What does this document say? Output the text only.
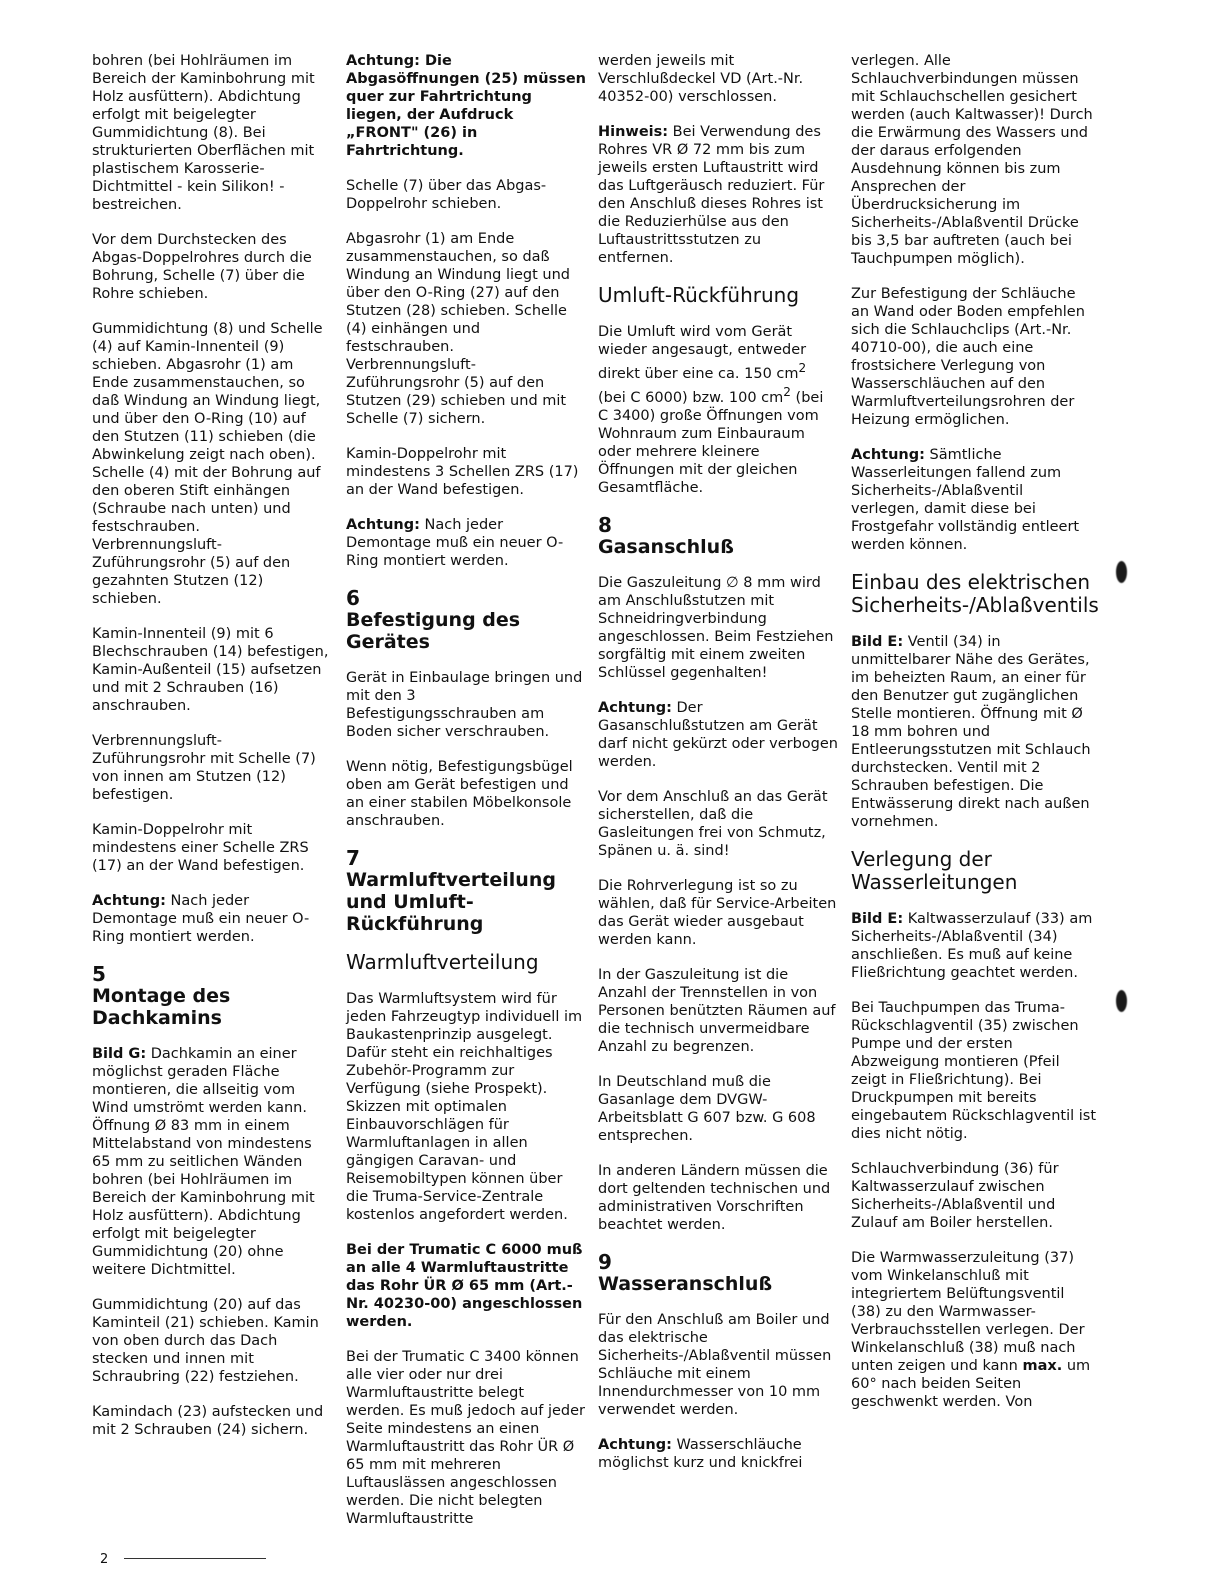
bohren (bei Hohlräumen im Bereich der Kaminbohrung mit Holz ausfüttern). Abdichtung erfolgt mit beigelegter Gummidichtung (8). Bei strukturierten Oberflächen mit plastischem Karosserie-Dichtmittel - kein Silikon! - bestreichen.

Vor dem Durchstecken des Abgas-Doppelrohres durch die Bohrung, Schelle (7) über die Rohre schieben.

Gummidichtung (8) und Schelle (4) auf Kamin-Innenteil (9) schieben. Abgasrohr (1) am Ende zusammenstauchen, so daß Windung an Windung liegt, und über den O-Ring (10) auf den Stutzen (11) schieben (die Abwinkelung zeigt nach oben). Schelle (4) mit der Bohrung auf den oberen Stift einhängen (Schraube nach unten) und festschrauben. Verbrennungsluft-Zuführungsrohr (5) auf den gezahnten Stutzen (12) schieben.

Kamin-Innenteil (9) mit 6 Blechschrauben (14) befestigen, Kamin-Außenteil (15) aufsetzen und mit 2 Schrauben (16) anschrauben.

Verbrennungsluft-Zuführungsrohr mit Schelle (7) von innen am Stutzen (12) befestigen.

Kamin-Doppelrohr mit mindestens einer Schelle ZRS (17) an der Wand befestigen.

Achtung: Nach jeder Demontage muß ein neuer O-Ring montiert werden.

5
Montage des Dachkamins

Bild G: Dachkamin an einer möglichst geraden Fläche montieren, die allseitig vom Wind umströmt werden kann. Öffnung Ø 83 mm in einem Mittelabstand von mindestens 65 mm zu seitlichen Wänden bohren (bei Hohlräumen im Bereich der Kaminbohrung mit Holz ausfüttern). Abdichtung erfolgt mit beigelegter Gummidichtung (20) ohne weitere Dichtmittel.

Gummidichtung (20) auf das Kaminteil (21) schieben. Kamin von oben durch das Dach stecken und innen mit Schraubring (22) festziehen.

Kamindach (23) aufstecken und mit 2 Schrauben (24) sichern.

Achtung: Die Abgasöffnungen (25) müssen quer zur Fahrtrichtung liegen, der Aufdruck „FRONT" (26) in Fahrtrichtung.

Schelle (7) über das Abgas-Doppelrohr schieben.

Abgasrohr (1) am Ende zusammenstauchen, so daß Windung an Windung liegt und über den O-Ring (27) auf den Stutzen (28) schieben. Schelle (4) einhängen und festschrauben. Verbrennungsluft-Zuführungsrohr (5) auf den Stutzen (29) schieben und mit Schelle (7) sichern.

Kamin-Doppelrohr mit mindestens 3 Schellen ZRS (17) an der Wand befestigen.

Achtung: Nach jeder Demontage muß ein neuer O-Ring montiert werden.

6
Befestigung des Gerätes

Gerät in Einbaulage bringen und mit den 3 Befestigungsschrauben am Boden sicher verschrauben.

Wenn nötig, Befestigungsbügel oben am Gerät befestigen und an einer stabilen Möbelkonsole anschrauben.

7
Warmluftverteilung und Umluft-Rückführung
Warmluftverteilung

Das Warmluftsystem wird für jeden Fahrzeugtyp individuell im Baukastenprinzip ausgelegt. Dafür steht ein reichhaltiges Zubehör-Programm zur Verfügung (siehe Prospekt). Skizzen mit optimalen Einbauvorschlägen für Warmluftanlagen in allen gängigen Caravan- und Reisemobiltypen können über die Truma-Service-Zentrale kostenlos angefordert werden.

Bei der Trumatic C 6000 muß an alle 4 Warmluftaustritte das Rohr ÜR Ø 65 mm (Art.-Nr. 40230-00) angeschlossen werden.

Bei der Trumatic C 3400 können alle vier oder nur drei Warmluftaustritte belegt werden. Es muß jedoch auf jeder Seite mindestens an einen Warmluftaustritt das Rohr ÜR Ø 65 mm mit mehreren Luftauslässen angeschlossen werden. Die nicht belegten Warmluftaustritte

werden jeweils mit Verschlußdeckel VD (Art.-Nr. 40352-00) verschlossen.

Hinweis: Bei Verwendung des Rohres VR Ø 72 mm bis zum jeweils ersten Luftaustritt wird das Luftgeräusch reduziert. Für den Anschluß dieses Rohres ist die Reduzierhülse aus den Luftaustrittsstutzen zu entfernen.

Umluft-Rückführung

Die Umluft wird vom Gerät wieder angesaugt, entweder direkt über eine ca. 150 $cm^2$ (bei C 6000) bzw. 100 $cm^2$ (bei C 3400) große Öffnungen vom Wohnraum zum Einbauraum oder mehrere kleinere Öffnungen mit der gleichen Gesamtfläche.

8
Gasanschluß

Die Gaszuleitung ∅ 8 mm wird am Anschlußstutzen mit Schneidringverbindung angeschlossen. Beim Festziehen sorgfältig mit einem zweiten Schlüssel gegenhalten!

Achtung: Der Gasanschlußstutzen am Gerät darf nicht gekürzt oder verbogen werden.

Vor dem Anschluß an das Gerät sicherstellen, daß die Gasleitungen frei von Schmutz, Spänen u. ä. sind!

Die Rohrverlegung ist so zu wählen, daß für Service-Arbeiten das Gerät wieder ausgebaut werden kann.

In der Gaszuleitung ist die Anzahl der Trennstellen in von Personen benützten Räumen auf die technisch unvermeidbare Anzahl zu begrenzen.

In Deutschland muß die Gasanlage dem DVGW-Arbeitsblatt G 607 bzw. G 608 entsprechen.

In anderen Ländern müssen die dort geltenden technischen und administrativen Vorschriften beachtet werden.

9
Wasseranschluß

Für den Anschluß am Boiler und das elektrische Sicherheits-/Ablaßventil müssen Schläuche mit einem Innendurchmesser von 10 mm verwendet werden.

Achtung: Wasserschläuche möglichst kurz und knickfrei

verlegen. Alle Schlauchverbindungen müssen mit Schlauchschellen gesichert werden (auch Kaltwasser)! Durch die Erwärmung des Wassers und der daraus erfolgenden Ausdehnung können bis zum Ansprechen der Überdrucksicherung im Sicherheits-/Ablaßventil Drücke bis 3,5 bar auftreten (auch bei Tauchpumpen möglich).

Zur Befestigung der Schläuche an Wand oder Boden empfehlen sich die Schlauchclips (Art.-Nr. 40710-00), die auch eine frostsichere Verlegung von Wasserschläuchen auf den Warmluftverteilungsrohren der Heizung ermöglichen.

Achtung: Sämtliche Wasserleitungen fallend zum Sicherheits-/Ablaßventil verlegen, damit diese bei Frostgefahr vollständig entleert werden können.

Einbau des elektrischen Sicherheits-/Ablaßventils

Bild E: Ventil (34) in unmittelbarer Nähe des Gerätes, im beheizten Raum, an einer für den Benutzer gut zugänglichen Stelle montieren. Öffnung mit Ø 18 mm bohren und Entleerungsstutzen mit Schlauch durchstecken. Ventil mit 2 Schrauben befestigen. Die Entwässerung direkt nach außen vornehmen.

Verlegung der Wasserleitungen

Bild E: Kaltwasserzulauf (33) am Sicherheits-/Ablaßventil (34) anschließen. Es muß auf keine Fließrichtung geachtet werden.

Bei Tauchpumpen das Truma-Rückschlagventil (35) zwischen Pumpe und der ersten Abzweigung montieren (Pfeil zeigt in Fließrichtung). Bei Druckpumpen mit bereits eingebautem Rückschlagventil ist dies nicht nötig.

Schlauchverbindung (36) für Kaltwasserzulauf zwischen Sicherheits-/Ablaßventil und Zulauf am Boiler herstellen.

Die Warmwasserzuleitung (37) vom Winkelanschluß mit integriertem Belüftungsventil (38) zu den Warmwasser-Verbrauchsstellen verlegen. Der Winkelanschluß (38) muß nach unten zeigen und kann max. um 60° nach beiden Seiten geschwenkt werden. Von

2
